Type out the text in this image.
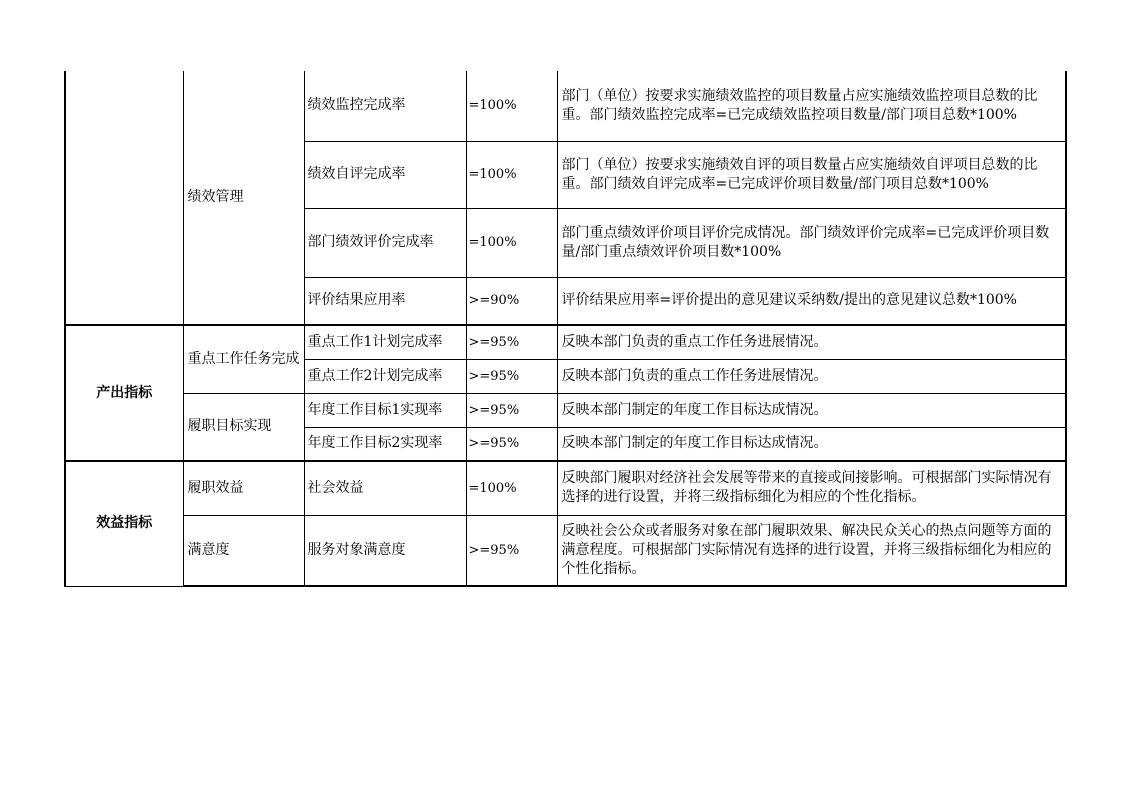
	绩效管理	绩效监控完成率	=100%	部门（单位）按要求实施绩效监控的项目数量占应实施绩效监控项目总数的比重。部门绩效监控完成率=已完成绩效监控项目数量/部门项目总数*100%
		绩效自评完成率	=100%	部门（单位）按要求实施绩效自评的项目数量占应实施绩效自评项目总数的比重。部门绩效自评完成率=已完成评价项目数量/部门项目总数*100%
		部门绩效评价完成率	=100%	部门重点绩效评价项目评价完成情况。部门绩效评价完成率=已完成评价项目数量/部门重点绩效评价项目数*100%
		评价结果应用率	>=90%	评价结果应用率=评价提出的意见建议采纳数/提出的意见建议总数*100%
产出指标	重点工作任务完成	重点工作1计划完成率	>=95%	反映本部门负责的重点工作任务进展情况。
		重点工作2计划完成率	>=95%	反映本部门负责的重点工作任务进展情况。
	履职目标实现	年度工作目标1实现率	>=95%	反映本部门制定的年度工作目标达成情况。
		年度工作目标2实现率	>=95%	反映本部门制定的年度工作目标达成情况。
效益指标	履职效益	社会效益	=100%	反映部门履职对经济社会发展等带来的直接或间接影响。可根据部门实际情况有选择的进行设置，并将三级指标细化为相应的个性化指标。
	满意度	服务对象满意度	>=95%	反映社会公众或者服务对象在部门履职效果、解决民众关心的热点问题等方面的满意程度。可根据部门实际情况有选择的进行设置，并将三级指标细化为相应的个性化指标。
